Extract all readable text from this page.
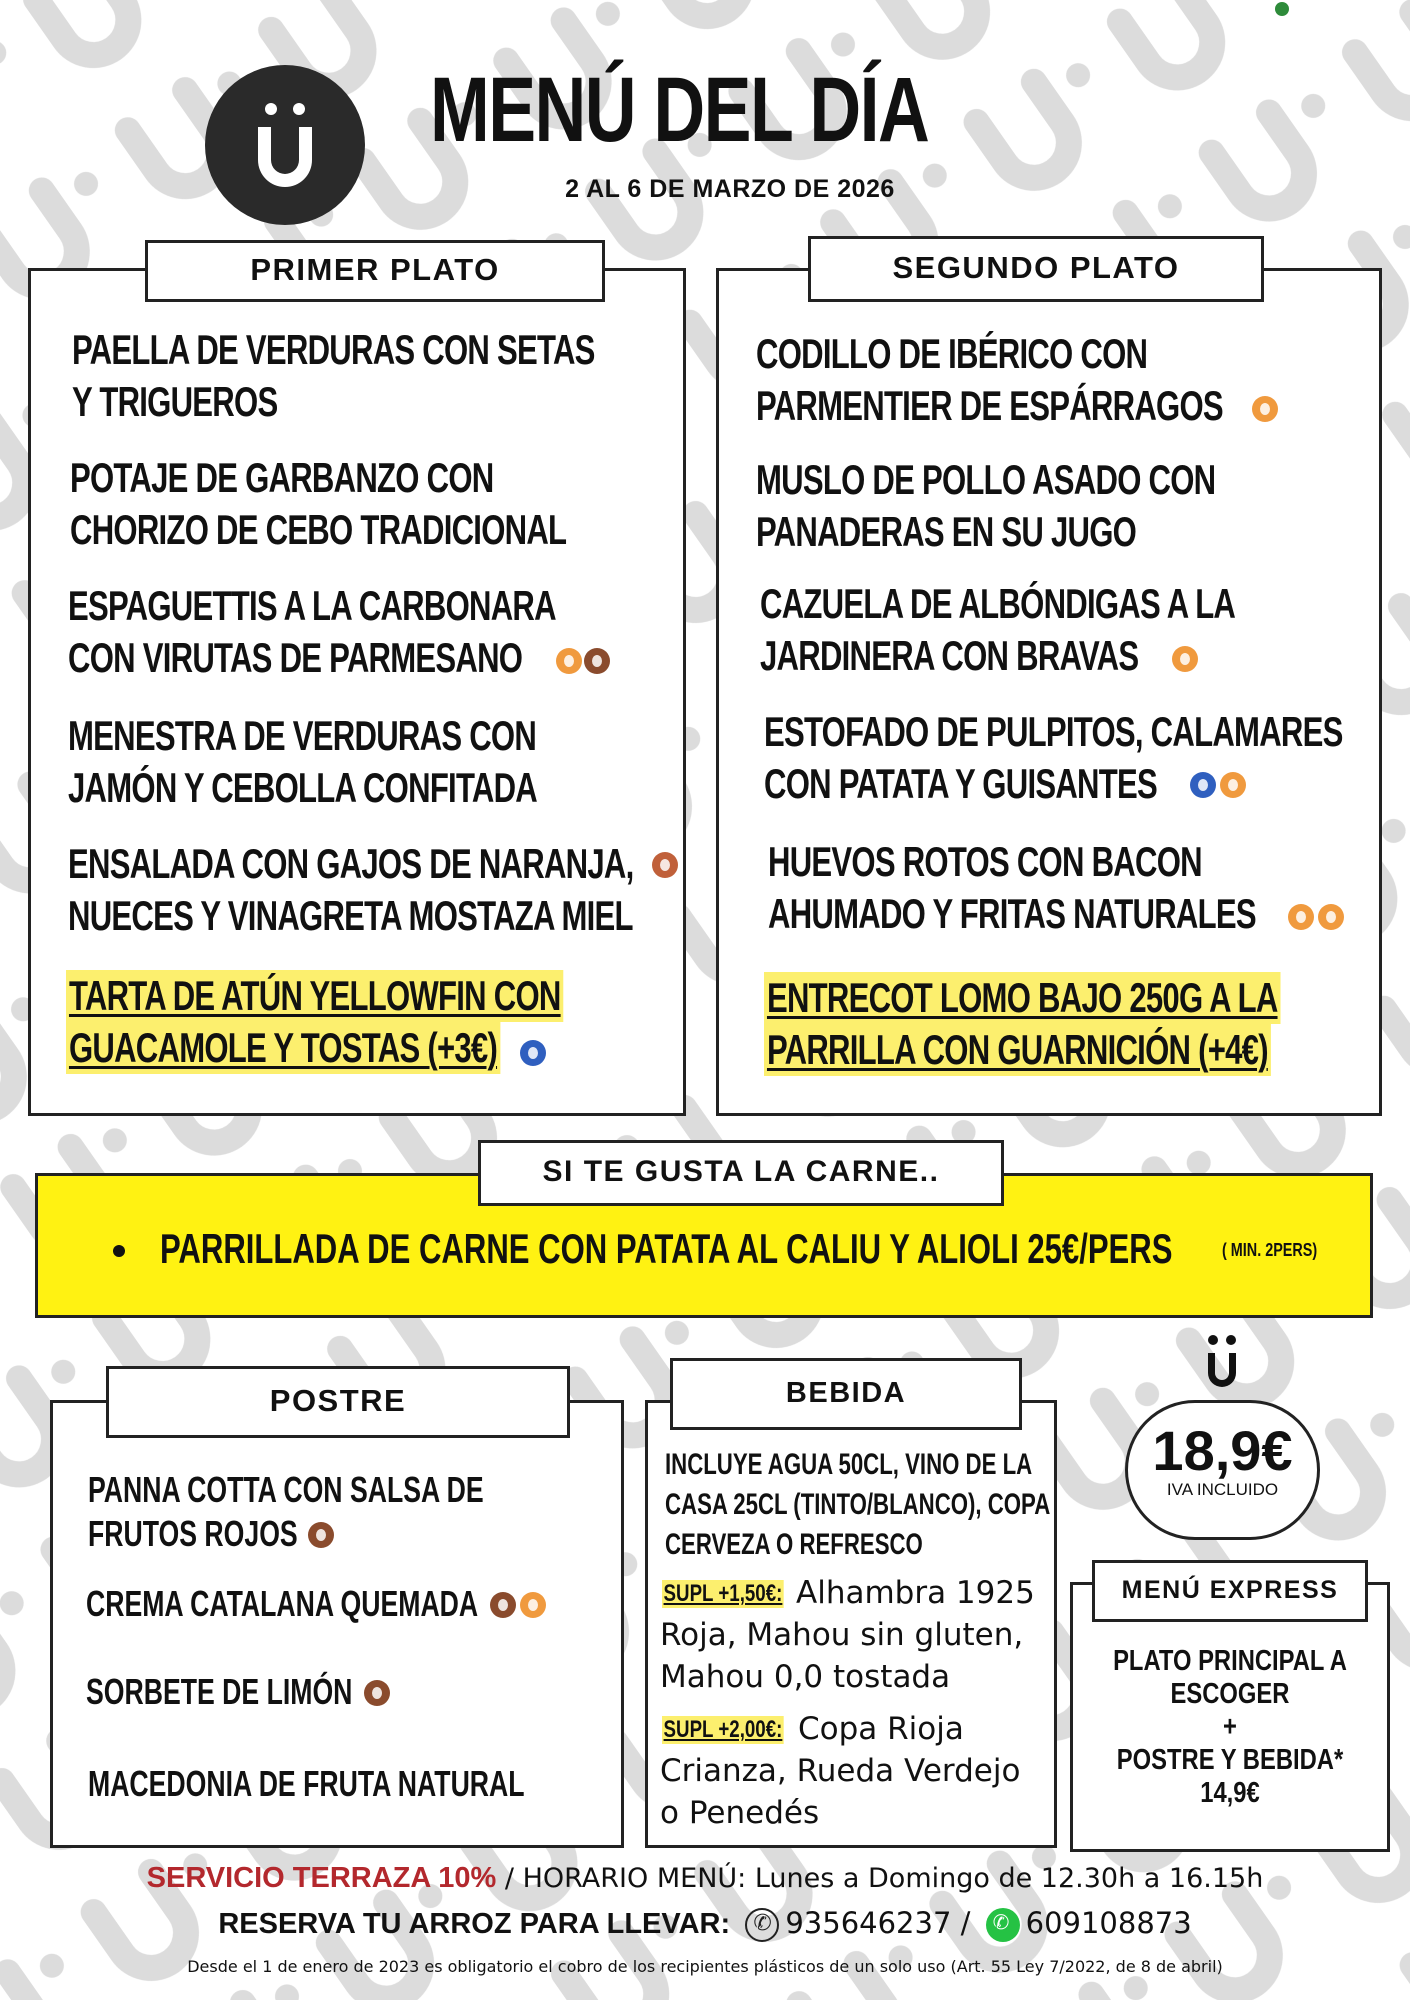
MENÚ DEL DÍA
2 AL 6 DE MARZO DE 2026
PRIMER PLATO
PAELLA DE VERDURAS CON SETAS
Y TRIGUEROS
POTAJE DE GARBANZO CON
CHORIZO DE CEBO TRADICIONAL
ESPAGUETTIS A LA CARBONARA
CON VIRUTAS DE PARMESANO
MENESTRA DE VERDURAS CON
JAMÓN Y CEBOLLA CONFITADA
ENSALADA CON GAJOS DE NARANJA,
NUECES Y VINAGRETA MOSTAZA MIEL
TARTA DE ATÚN YELLOWFIN CON
GUACAMOLE Y TOSTAS (+3€)
SEGUNDO PLATO
CODILLO DE IBÉRICO CON
PARMENTIER DE ESPÁRRAGOS
MUSLO DE POLLO ASADO CON
PANADERAS EN SU JUGO
CAZUELA DE ALBÓNDIGAS A LA
JARDINERA CON BRAVAS
ESTOFADO DE PULPITOS, CALAMARES
CON PATATA Y GUISANTES
HUEVOS ROTOS CON BACON
AHUMADO Y FRITAS NATURALES
ENTRECOT LOMO BAJO 250G A LA
PARRILLA CON GUARNICIÓN (+4€)
SI TE GUSTA LA CARNE..
PARRILLADA DE CARNE CON PATATA AL CALIU Y ALIOLI 25€/PERS	( MIN. 2PERS)
POSTRE
PANNA COTTA CON SALSA DE
FRUTOS ROJOS
CREMA CATALANA QUEMADA
SORBETE DE LIMÓN
MACEDONIA DE FRUTA NATURAL
BEBIDA
INCLUYE AGUA 50CL, VINO DE LA
CASA 25CL (TINTO/BLANCO), COPA
CERVEZA O REFRESCO
SUPL +1,50€: Alhambra 1925
Roja, Mahou sin gluten,
Mahou 0,0 tostada
SUPL +2,00€: Copa Rioja
Crianza, Rueda Verdejo
o Penedés
18,9€
IVA INCLUIDO
MENÚ EXPRESS
PLATO PRINCIPAL A
ESCOGER
+
POSTRE Y BEBIDA*
14,9€
SERVICIO TERRAZA 10% / HORARIO MENÚ: Lunes a Domingo de 12.30h a 16.15h
RESERVA TU ARROZ PARA LLEVAR: ✆ 935646237 / ✆ 609108873
Desde el 1 de enero de 2023 es obligatorio el cobro de los recipientes plásticos de un solo uso (Art. 55 Ley 7/2022, de 8 de abril)
